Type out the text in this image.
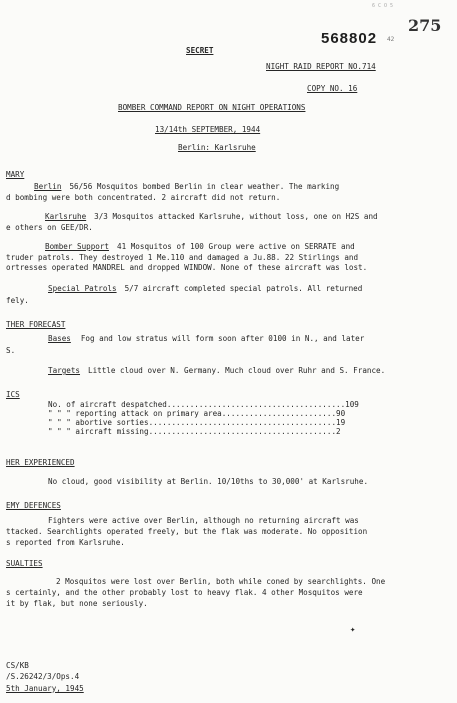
6 C O 5
275
568802 42
SECRET
NIGHT RAID REPORT NO.714
COPY NO. 16
BOMBER COMMAND REPORT ON NIGHT OPERATIONS
13/14th SEPTEMBER, 1944
Berlin: Karlsruhe
MARY
Berlin 56/56 Mosquitos bombed Berlin in clear weather. The marking
d bombing were both concentrated. 2 aircraft did not return.
Karlsruhe 3/3 Mosquitos attacked Karlsruhe, without loss, one on H2S and
e others on GEE/DR.
Bomber Support 41 Mosquitos of 100 Group were active on SERRATE and
truder patrols. They destroyed 1 Me.110 and damaged a Ju.88. 22 Stirlings and
ortresses operated MANDREL and dropped WINDOW. None of these aircraft was lost.
Special Patrols 5/7 aircraft completed special patrols. All returned
fely.
THER FORECAST
Bases Fog and low stratus will form soon after 0100 in N., and later
S.
Targets Little cloud over N. Germany. Much cloud over Ruhr and S. France.
ICS
No. of aircraft despatched.......................................109
" " " reporting attack on primary area.........................90
" " " abortive sorties.........................................19
" " " aircraft missing.........................................2
HER EXPERIENCED
No cloud, good visibility at Berlin. 10/10ths to 30,000' at Karlsruhe.
EMY DEFENCES
Fighters were active over Berlin, although no returning aircraft was
ttacked. Searchlights operated freely, but the flak was moderate. No opposition
s reported from Karlsruhe.
SUALTIES
2 Mosquitos were lost over Berlin, both while coned by searchlights. One
s certainly, and the other probably lost to heavy flak. 4 other Mosquitos were
it by flak, but none seriously.
✦
CS/KB
/S.26242/3/Ops.4
5th January, 1945
